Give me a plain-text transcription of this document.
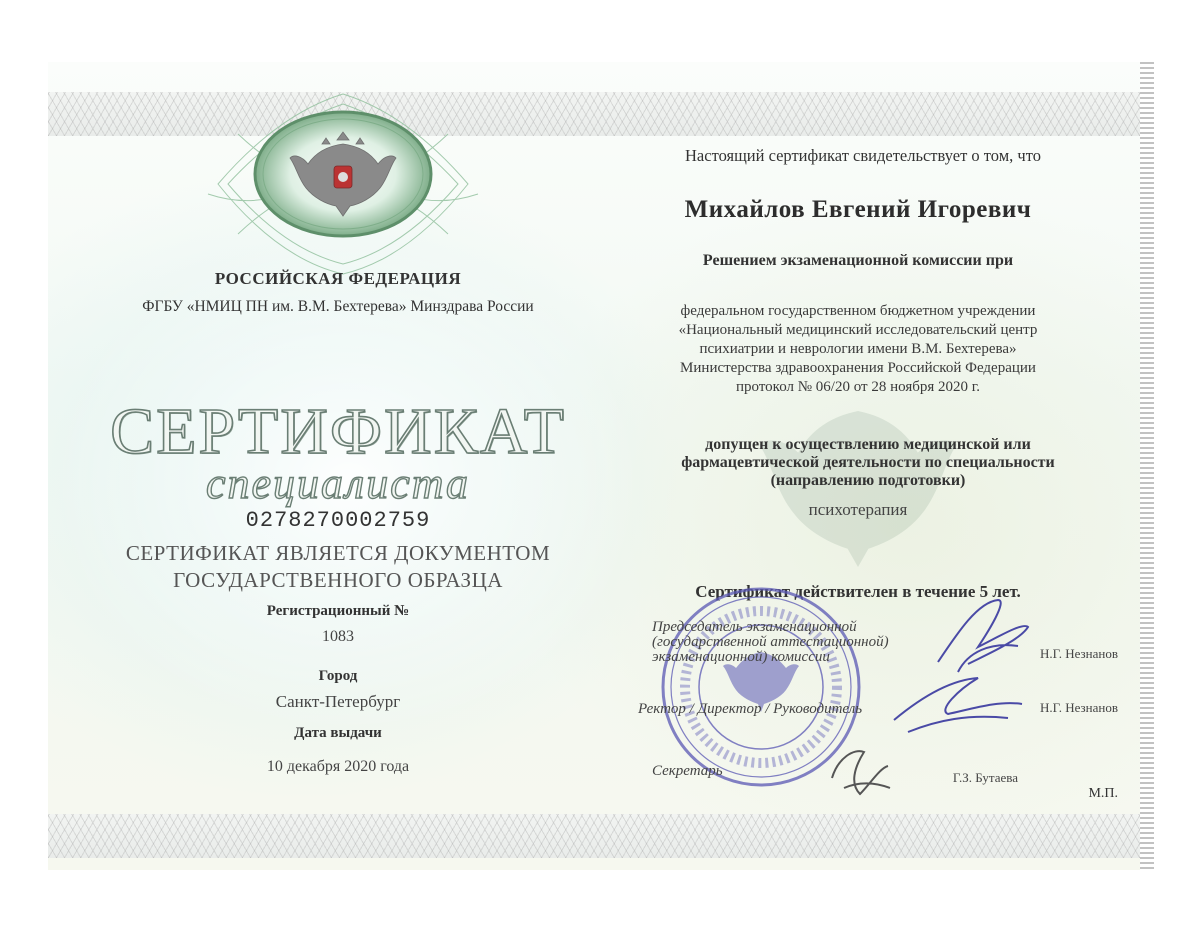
РОССИЙСКАЯ ФЕДЕРАЦИЯ
ФГБУ «НМИЦ ПН им. В.М. Бехтерева» Минздрава России
СЕРТИФИКАТ
специалиста
0278270002759
СЕРТИФИКАТ ЯВЛЯЕТСЯ ДОКУМЕНТОМ
ГОСУДАРСТВЕННОГО ОБРАЗЦА
Регистрационный №
1083
Город
Санкт-Петербург
Дата выдачи
10 декабря 2020 года
Настоящий сертификат свидетельствует о том, что
Михайлов Евгений Игоревич
Решением экзаменационной комиссии при
федеральном государственном бюджетном учреждении
«Национальный медицинский исследовательский центр
психиатрии и неврологии имени В.М. Бехтерева»
Министерства здравоохранения Российской Федерации
протокол № 06/20 от 28 ноября 2020 г.
допущен к осуществлению медицинской или
фармацевтической деятельности по специальности
(направлению подготовки)
психотерапия
Сертификат действителен в течение 5 лет.
Председатель экзаменационной
(государственной аттестационной)
экзаменационной) комиссии	Н.Г. Незнанов
Ректор / Директор / Руководитель	Н.Г. Незнанов
Секретарь	Г.З. Бутаева
М.П.
